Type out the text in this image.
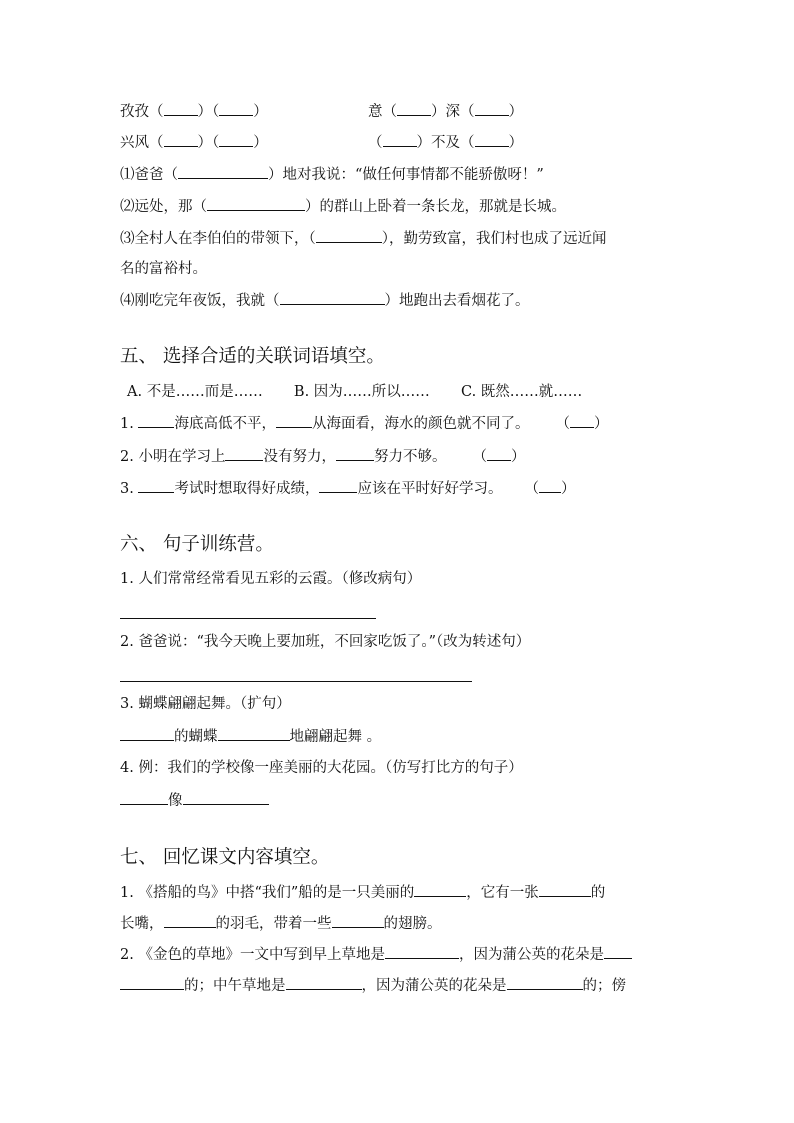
孜孜（ ）（ ）	意（ ）深（ ）
兴风（ ）（ ）	（ ）不及（ ）
⑴爸爸（	）地对我说：“做任何事情都不能骄傲呀！”
⑵远处，那（	）的群山上卧着一条长龙，那就是长城。
⑶全村人在李伯伯的带领下，（	），勤劳致富，我们村也成了远近闻
名的富裕村。
⑷刚吃完年夜饭，我就（	）地跑出去看烟花了。
五、 选择合适的关联词语填空。
A. 不是……而是…… B. 因为……所以…… C. 既然……就……
1. 海底高低不平， 从海面看，海水的颜色就不同了。 （ ）
2. 小明在学习上	没有努力，	努力不够。 （ ）
3. 考试时想取得好成绩，	应该在平时好好学习。 （ ）
六、 句子训练营。
1. 人们常常经常看见五彩的云霞。（修改病句）
2. 爸爸说：“我今天晚上要加班，不回家吃饭了。”（改为转述句）
3. 蝴蝶翩翩起舞。（扩句）
的蝴蝶	地翩翩起舞 。
4. 例：我们的学校像一座美丽的大花园。（仿写打比方的句子）
像
七、 回忆课文内容填空。
1. 《搭船的鸟》中搭“我们”船的是一只美丽的	，它有一张	的
长嘴，	的羽毛，带着一些	的翅膀。
2. 《金色的草地》一文中写到早上草地是	，因为蒲公英的花朵是
的；中午草地是	，因为蒲公英的花朵是	的；傍
